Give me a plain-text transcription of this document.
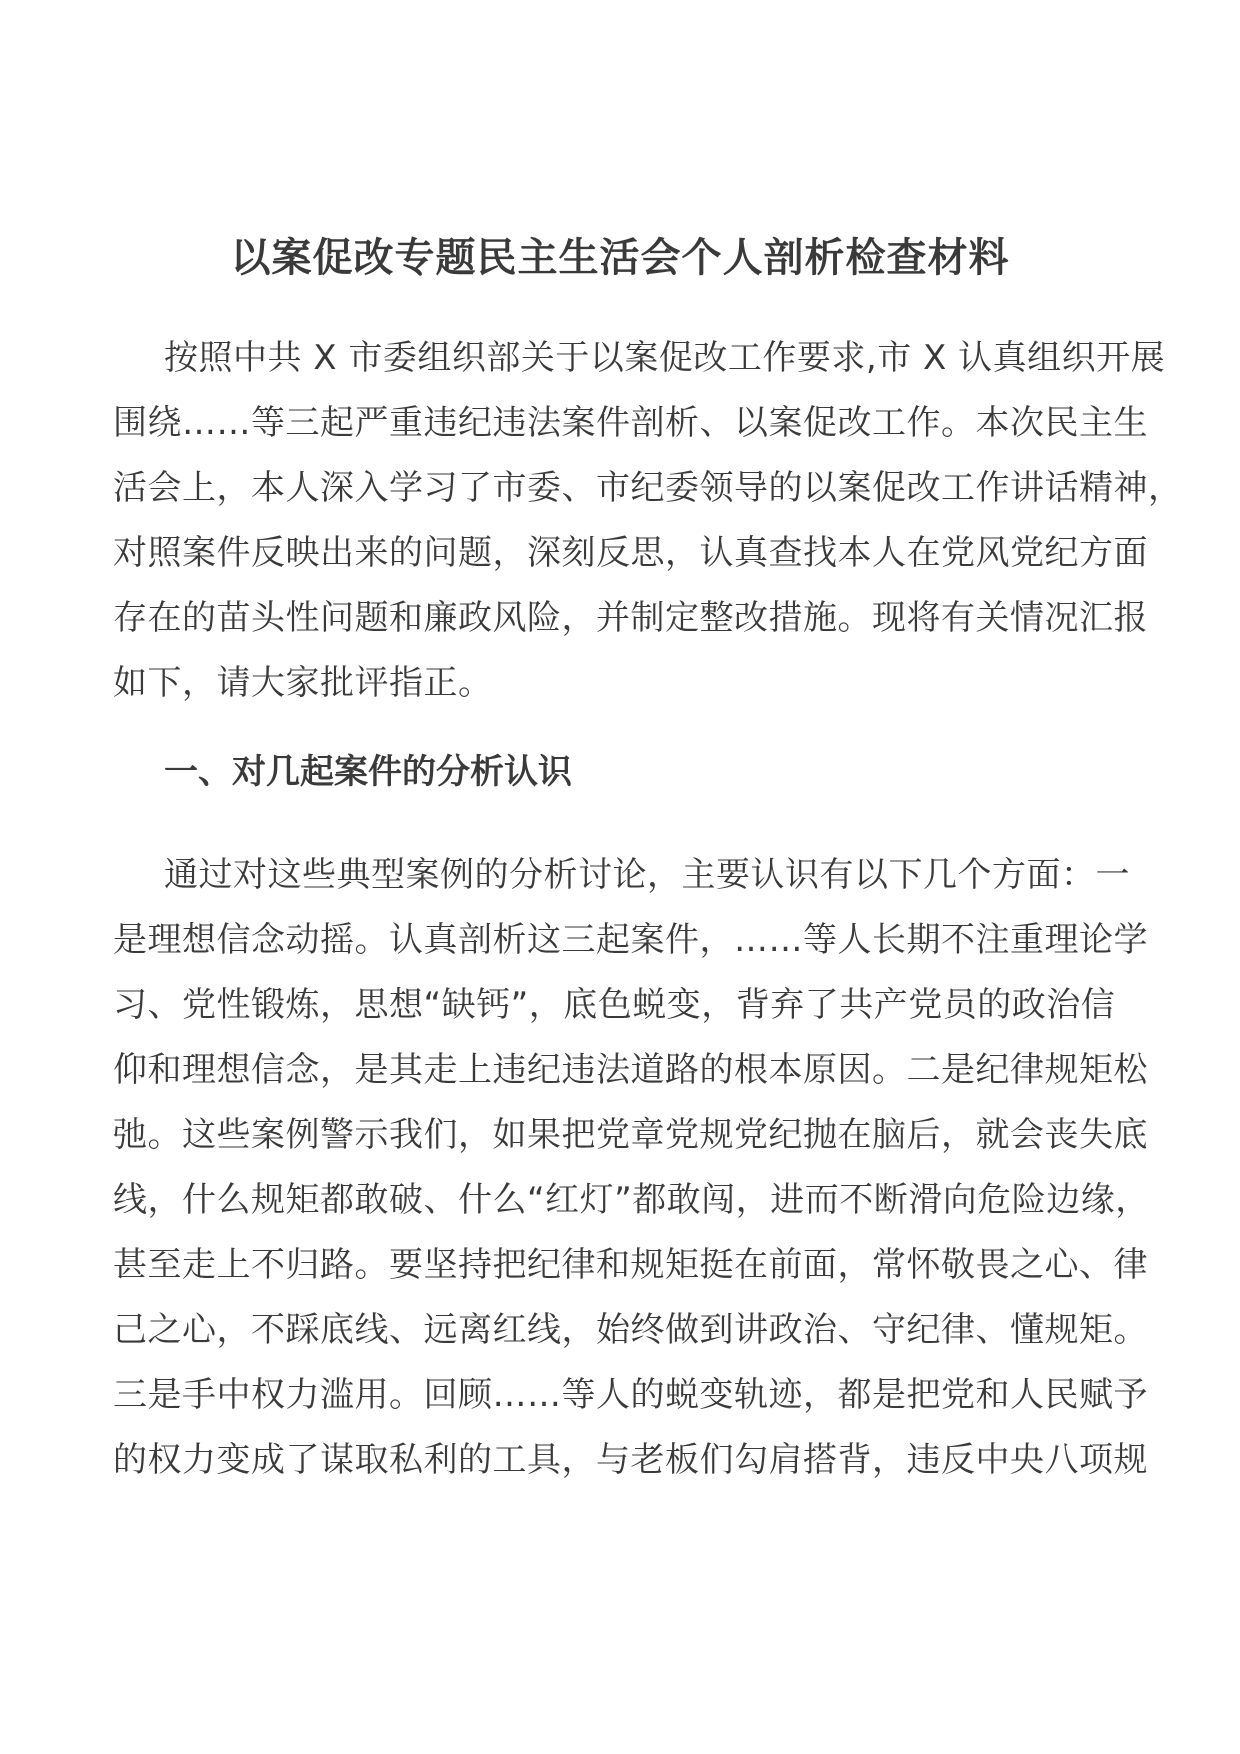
以案促改专题民主生活会个人剖析检查材料
按照中共 X 市委组织部关于以案促改工作要求,市 X 认真组织开展
围绕……等三起严重违纪违法案件剖析、以案促改工作。本次民主生
活会上，本人深入学习了市委、市纪委领导的以案促改工作讲话精神，
对照案件反映出来的问题，深刻反思，认真查找本人在党风党纪方面
存在的苗头性问题和廉政风险，并制定整改措施。现将有关情况汇报
如下，请大家批评指正。
一、对几起案件的分析认识
通过对这些典型案例的分析讨论，主要认识有以下几个方面：一
是理想信念动摇。认真剖析这三起案件，……等人长期不注重理论学
习、党性锻炼，思想“缺钙”，底色蜕变，背弃了共产党员的政治信
仰和理想信念，是其走上违纪违法道路的根本原因。二是纪律规矩松
弛。这些案例警示我们，如果把党章党规党纪抛在脑后，就会丧失底
线，什么规矩都敢破、什么“红灯”都敢闯，进而不断滑向危险边缘，
甚至走上不归路。要坚持把纪律和规矩挺在前面，常怀敬畏之心、律
己之心，不踩底线、远离红线，始终做到讲政治、守纪律、懂规矩。
三是手中权力滥用。回顾……等人的蜕变轨迹，都是把党和人民赋予
的权力变成了谋取私利的工具，与老板们勾肩搭背，违反中央八项规
